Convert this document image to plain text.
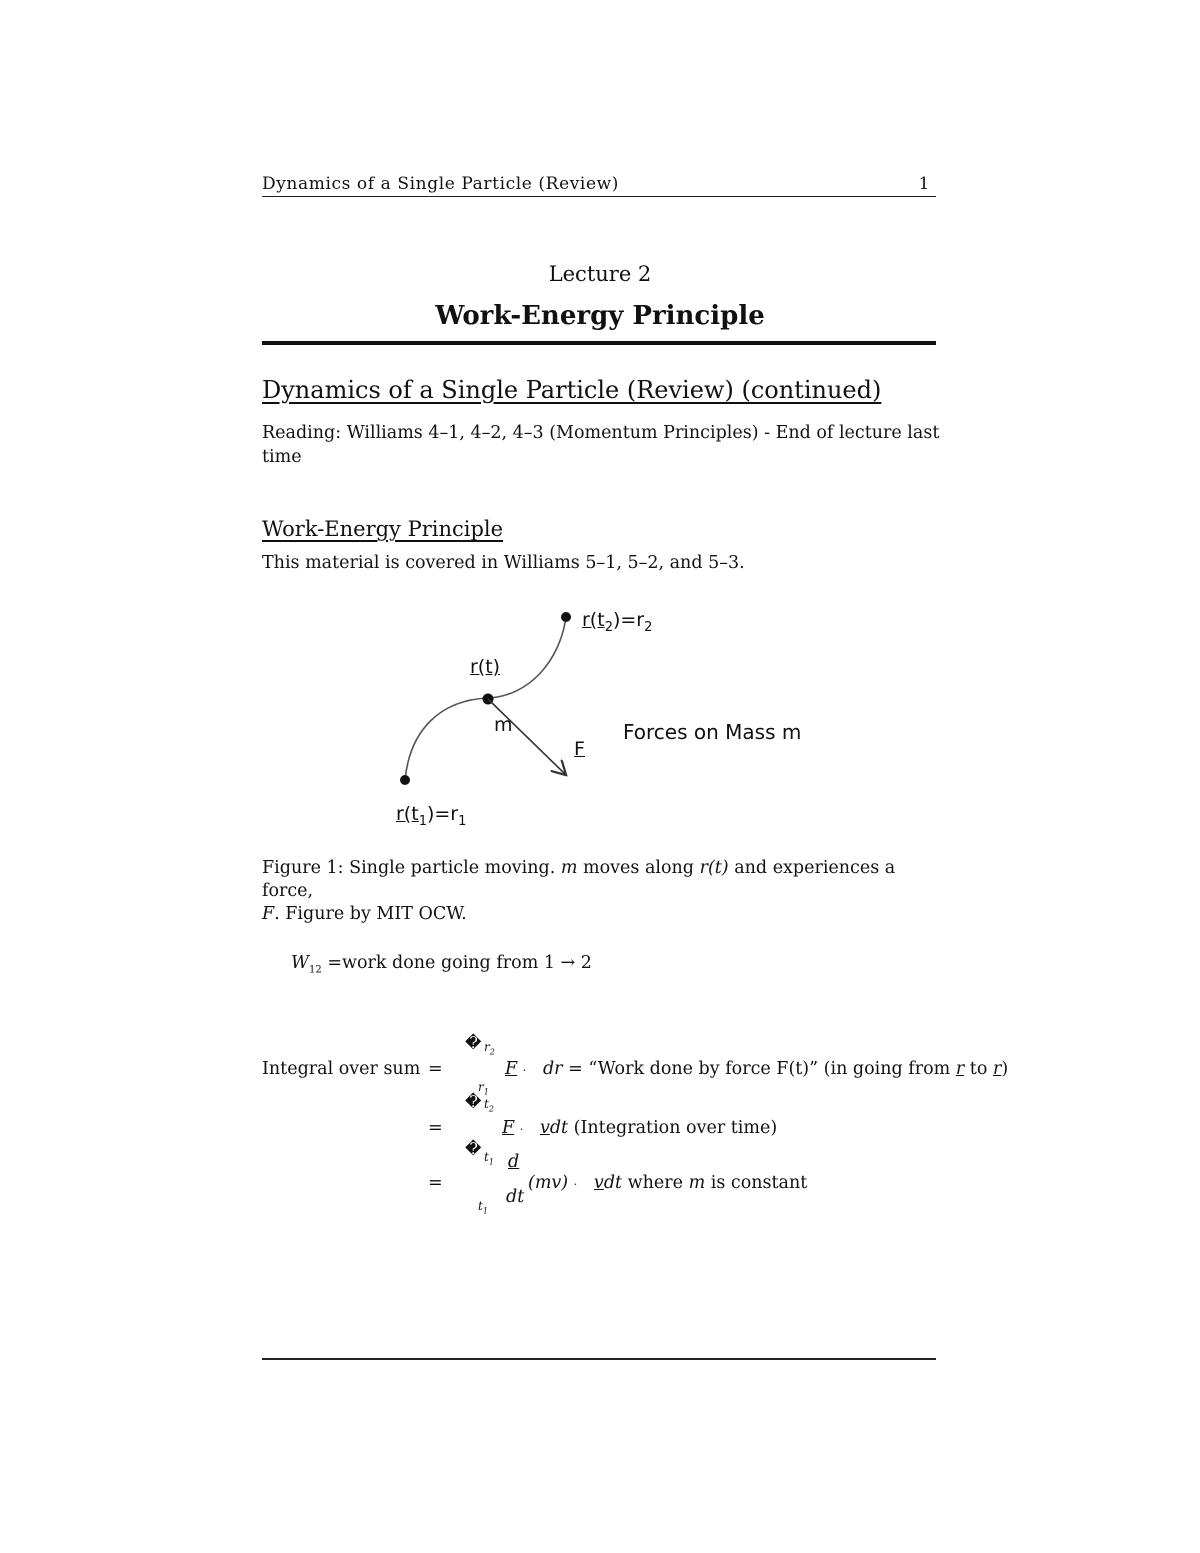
Dynamics of a Single Particle (Review)	1

Lecture 2
Work-Energy Principle
Dynamics of a Single Particle (Review) (continued)
Reading: Williams 4–1, 4–2, 4–3 (Momentum Principles) - End of lecture last time
Work-Energy Principle
This material is covered in Williams 5–1, 5–2, and 5–3.
$r(t_2)=r_2$
r(t)
m
F
Forces on Mass m
$r(t_1)=r_1$
Figure 1: Single particle moving. m moves along r(t) and experiences a force,
F. Figure by MIT OCW.
$W_{12}$ =work done going from 1 → 2
Integral over sum =
� $r_2$
$r_1$
F · dr = “Work done by force F(t)” (in going from r to r)
� $t_2$
=	F · vdt (Integration over time)
� $t_1$ d
=
$t_1$
dt
(mv) · vdt where m is constant
